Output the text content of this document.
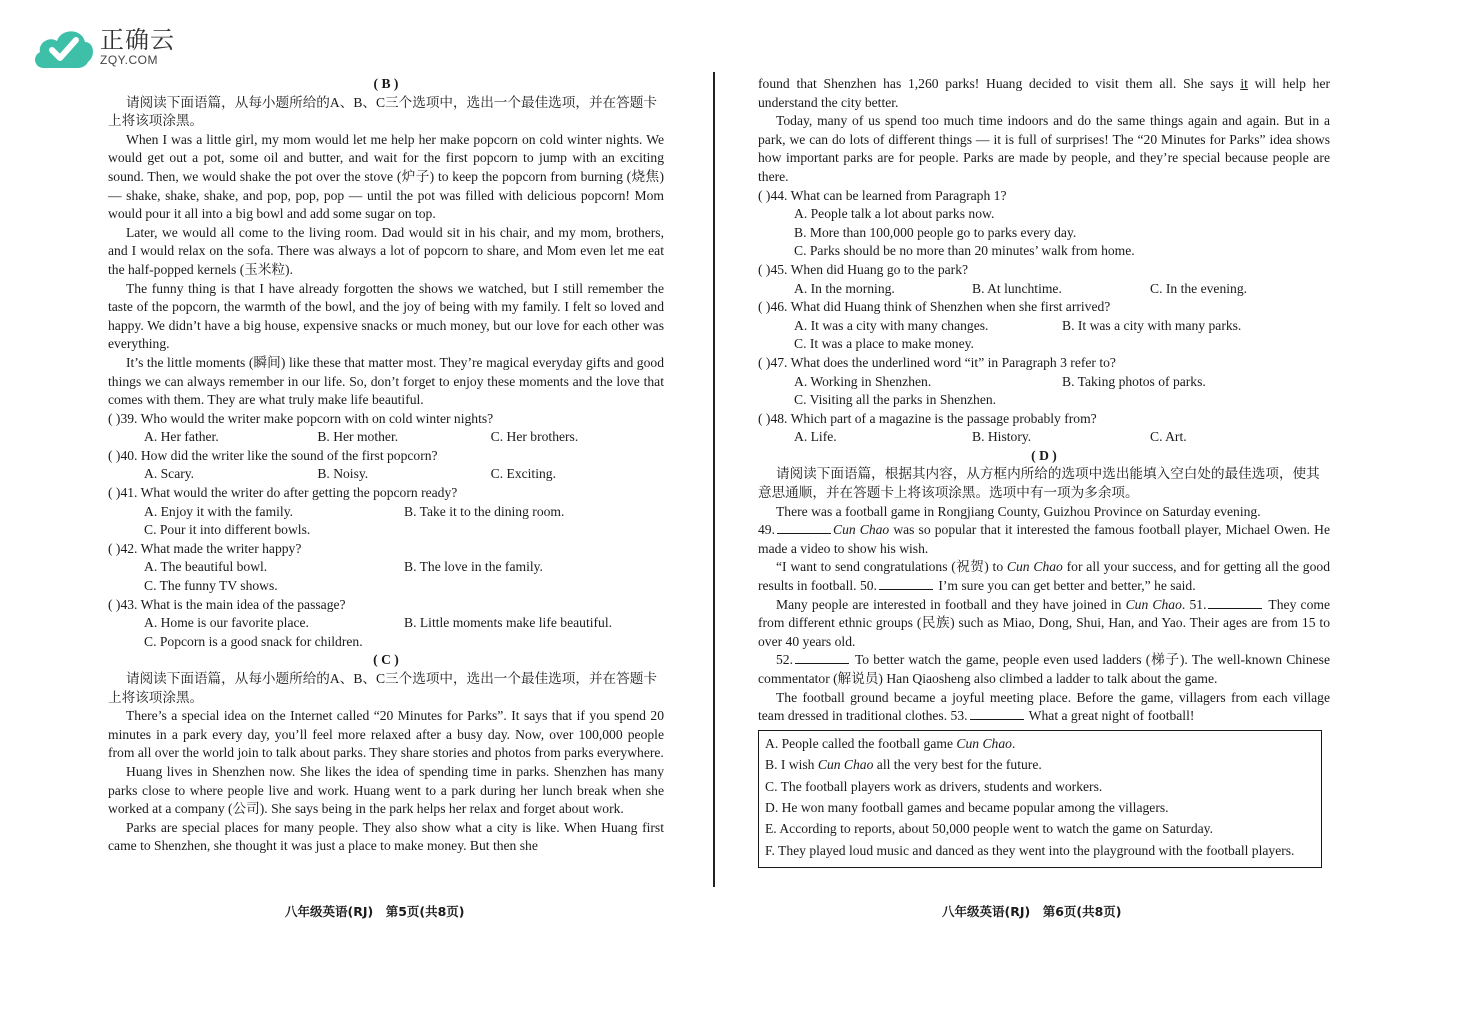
正确云
ZQY.COM

( B )

请阅读下面语篇，从每小题所给的A、B、C三个选项中，选出一个最佳选项，并在答题卡上将该项涂黑。

When I was a little girl, my mom would let me help her make popcorn on cold winter nights. We would get out a pot, some oil and butter, and wait for the first popcorn to jump with an exciting sound. Then, we would shake the pot over the stove (炉子) to keep the popcorn from burning (烧焦) — shake, shake, shake, and pop, pop, pop — until the pot was filled with delicious popcorn! Mom would pour it all into a big bowl and add some sugar on top.

Later, we would all come to the living room. Dad would sit in his chair, and my mom, brothers, and I would relax on the sofa. There was always a lot of popcorn to share, and Mom even let me eat the half-popped kernels (玉米粒).

The funny thing is that I have already forgotten the shows we watched, but I still remember the taste of the popcorn, the warmth of the bowl, and the joy of being with my family. I felt so loved and happy. We didn’t have a big house, expensive snacks or much money, but our love for each other was everything.

It’s the little moments (瞬间) like these that matter most. They’re magical everyday gifts and good things we can always remember in our life. So, don’t forget to enjoy these moments and the love that comes with them. They are what truly make life beautiful.

( )39. Who would the writer make popcorn with on cold winter nights?

A. Her father.	B. Her mother.	C. Her brothers.

( )40. How did the writer like the sound of the first popcorn?

A. Scary.	B. Noisy.	C. Exciting.

( )41. What would the writer do after getting the popcorn ready?

A. Enjoy it with the family.	B. Take it to the dining room.
C. Pour it into different bowls.

( )42. What made the writer happy?

A. The beautiful bowl.	B. The love in the family.
C. The funny TV shows.

( )43. What is the main idea of the passage?

A. Home is our favorite place.	B. Little moments make life beautiful.
C. Popcorn is a good snack for children.

( C )

请阅读下面语篇，从每小题所给的A、B、C三个选项中，选出一个最佳选项，并在答题卡上将该项涂黑。

There’s a special idea on the Internet called “20 Minutes for Parks”. It says that if you spend 20 minutes in a park every day, you’ll feel more relaxed after a busy day. Now, over 100,000 people from all over the world join to talk about parks. They share stories and photos from parks everywhere.

Huang lives in Shenzhen now. She likes the idea of spending time in parks. Shenzhen has many parks close to where people live and work. Huang went to a park during her lunch break when she worked at a company (公司). She says being in the park helps her relax and forget about work.

Parks are special places for many people. They also show what a city is like. When Huang first came to Shenzhen, she thought it was just a place to make money. But then she

found that Shenzhen has 1,260 parks! Huang decided to visit them all. She says it will help her understand the city better.

Today, many of us spend too much time indoors and do the same things again and again. But in a park, we can do lots of different things — it is full of surprises! The “20 Minutes for Parks” idea shows how important parks are for people. Parks are made by people, and they’re special because people are there.

( )44. What can be learned from Paragraph 1?

A. People talk a lot about parks now.
B. More than 100,000 people go to parks every day.
C. Parks should be no more than 20 minutes’ walk from home.

( )45. When did Huang go to the park?

A. In the morning.	B. At lunchtime.	C. In the evening.

( )46. What did Huang think of Shenzhen when she first arrived?

A. It was a city with many changes.	B. It was a city with many parks.
C. It was a place to make money.

( )47. What does the underlined word “it” in Paragraph 3 refer to?

A. Working in Shenzhen.	B. Taking photos of parks.
C. Visiting all the parks in Shenzhen.

( )48. Which part of a magazine is the passage probably from?

A. Life.	B. History.	C. Art.

( D )

请阅读下面语篇，根据其内容，从方框内所给的选项中选出能填入空白处的最佳选项，使其意思通顺，并在答题卡上将该项涂黑。选项中有一项为多余项。

There was a football game in Rongjiang County, Guizhou Province on Saturday evening.

49.	Cun Chao was so popular that it interested the famous football player, Michael Owen. He made a video to show his wish.

“I want to send congratulations (祝贺) to Cun Chao for all your success, and for getting all the good results in football. 50.	I’m sure you can get better and better,” he said.

Many people are interested in football and they have joined in Cun Chao. 51.	They come from different ethnic groups (民族) such as Miao, Dong, Shui, Han, and Yao. Their ages are from 15 to over 40 years old.

52.	To better watch the game, people even used ladders (梯子). The well-known Chinese commentator (解说员) Han Qiaosheng also climbed a ladder to talk about the game.

The football ground became a joyful meeting place. Before the game, villagers from each village team dressed in traditional clothes. 53.	What a great night of football!

A. People called the football game Cun Chao.
B. I wish Cun Chao all the very best for the future.
C. The football players work as drivers, students and workers.
D. He won many football games and became popular among the villagers.
E. According to reports, about 50,000 people went to watch the game on Saturday.
F. They played loud music and danced as they went into the playground with the football players.
八年级英语(RJ)　第5页(共8页)	八年级英语(RJ)　第6页(共8页)
